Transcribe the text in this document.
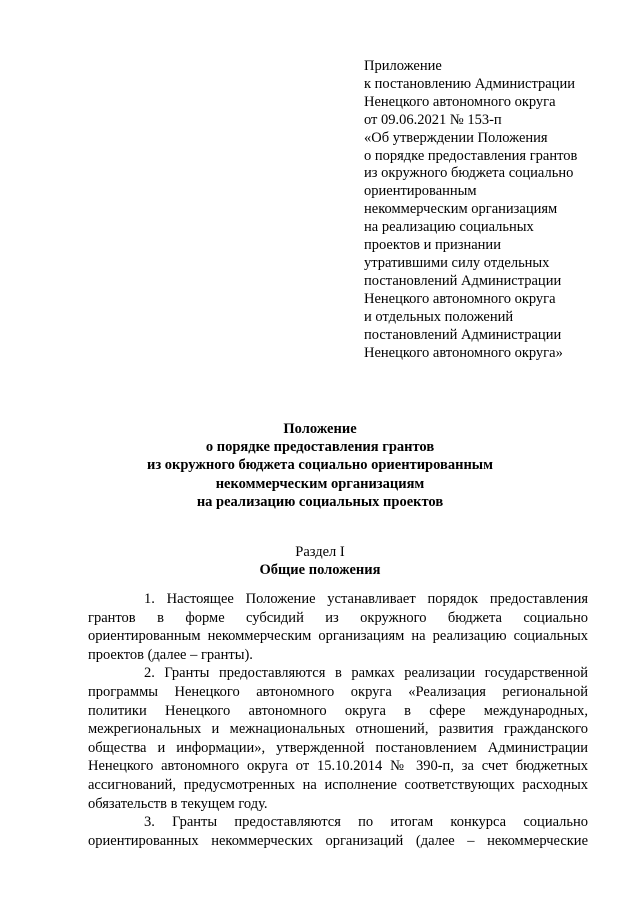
Приложение
к постановлению Администрации
Ненецкого автономного округа
от 09.06.2021 № 153-п
«Об утверждении Положения
о порядке предоставления грантов
из окружного бюджета социально
ориентированным
некоммерческим организациям
на реализацию социальных
проектов и признании
утратившими силу отдельных
постановлений Администрации
Ненецкого автономного округа
и отдельных положений
постановлений Администрации
Ненецкого автономного округа»
Положение
о порядке предоставления грантов
из окружного бюджета социально ориентированным
некоммерческим организациям
на реализацию социальных проектов
Раздел I
Общие положения

1. Настоящее Положение устанавливает порядок предоставления
грантов в форме субсидий из окружного бюджета социально
ориентированным некоммерческим организациям на реализацию социальных
проектов (далее – гранты).

2. Гранты предоставляются в рамках реализации государственной
программы Ненецкого автономного округа «Реализация региональной
политики Ненецкого автономного округа в сфере международных,
межрегиональных и межнациональных отношений, развития гражданского
общества и информации», утвержденной постановлением Администрации
Ненецкого автономного округа от 15.10.2014 № 390-п, за счет бюджетных
ассигнований, предусмотренных на исполнение соответствующих расходных
обязательств в текущем году.

3. Гранты предоставляются по итогам конкурса социально
ориентированных некоммерческих организаций (далее – некоммерческие
